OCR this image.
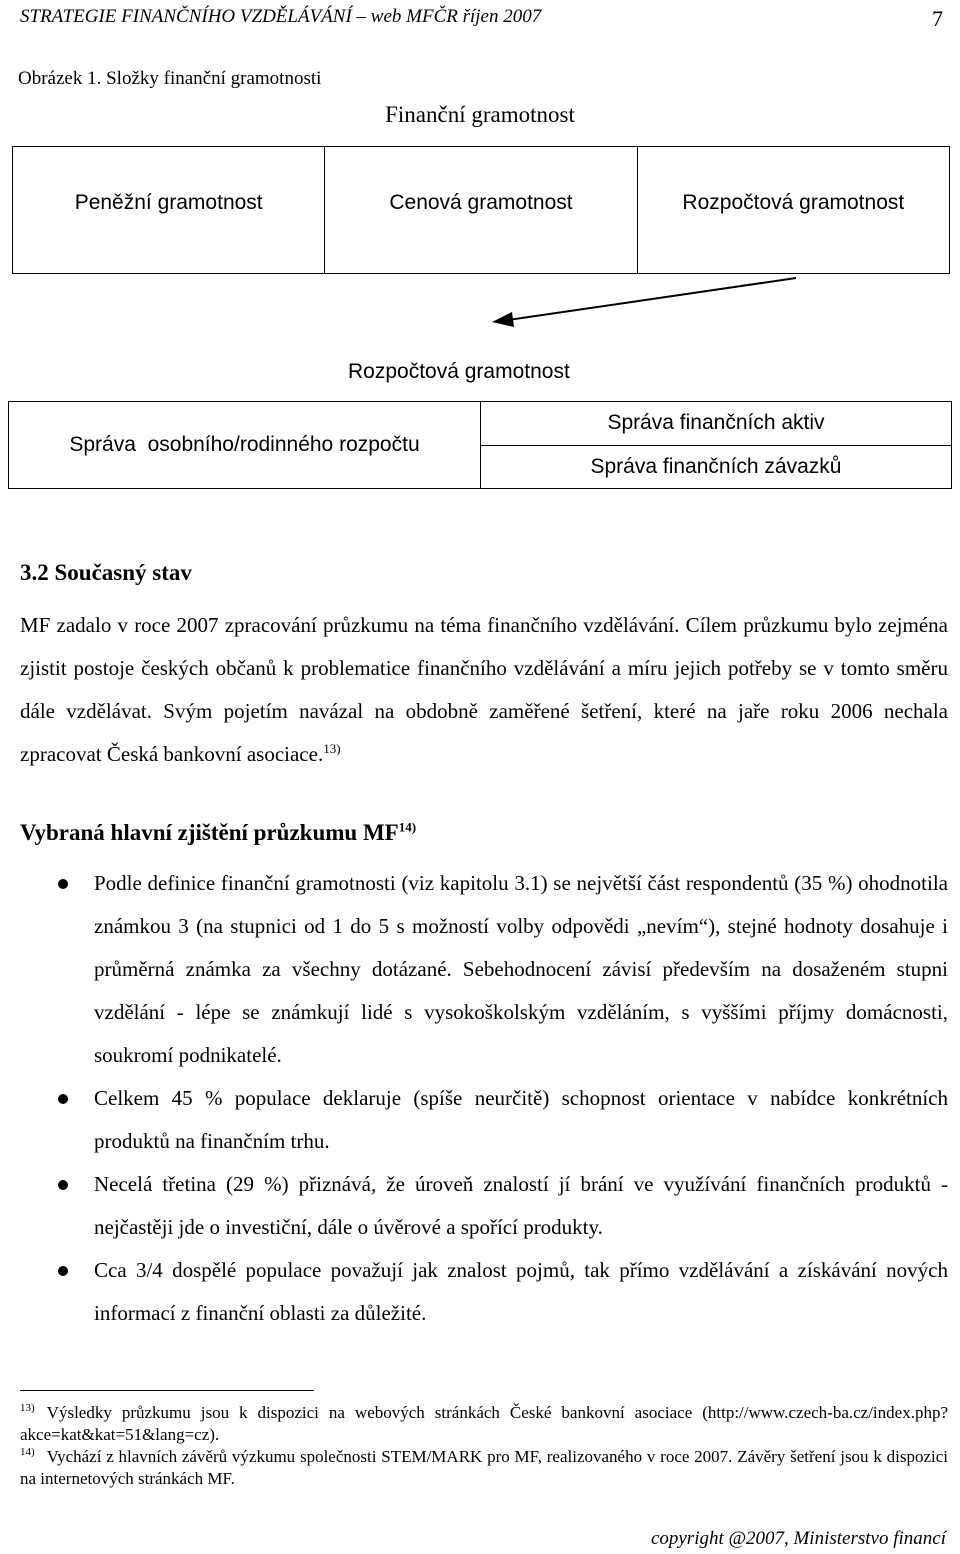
STRATEGIE FINANČNÍHO VZDĚLÁVÁNÍ – web MFČR říjen 2007	7
Obrázek 1. Složky finanční gramotnosti
Finanční gramotnost
Peněžní gramotnost	Cenová gramotnost	Rozpočtová gramotnost
Rozpočtová gramotnost
Správa  osobního/rodinného rozpočtu
Správa finančních aktiv
Správa finančních závazků
3.2 Současný stav
MF zadalo v roce 2007 zpracování průzkumu na téma finančního vzdělávání. Cílem průzkumu bylo zejména zjistit postoje českých občanů k problematice finančního vzdělávání a míru jejich potřeby se v tomto směru dále vzdělávat. Svým pojetím navázal na obdobně zaměřené šetření, které na jaře roku 2006 nechala zpracovat Česká bankovní asociace.$^{13)}$
Vybraná hlavní zjištění průzkumu MF$^{14)}$
Podle definice finanční gramotnosti (viz kapitolu 3.1) se největší část respondentů (35 %) ohodnotila známkou 3 (na stupnici od 1 do 5 s možností volby odpovědi „nevím“), stejné hodnoty dosahuje i průměrná známka za všechny dotázané. Sebehodnocení závisí především na dosaženém stupni vzdělání - lépe se známkují lidé s vysokoškolským vzděláním, s vyššími příjmy domácnosti, soukromí podnikatelé.
Celkem 45 % populace deklaruje (spíše neurčitě) schopnost orientace v nabídce konkrétních produktů na finančním trhu.
Necelá třetina (29 %) přiznává, že úroveň znalostí jí brání ve využívání finančních produktů - nejčastěji jde o investiční, dále o úvěrové a spořící produkty.
Cca 3/4 dospělé populace považují jak znalost pojmů, tak přímo vzdělávání a získávání nových informací z finanční oblasti za důležité.
$^{13)}$ Výsledky průzkumu jsou k dispozici na webových stránkách České bankovní asociace (http://www.czech-ba.cz/index.php?akce=kat&kat=51&lang=cz).
$^{14)}$ Vychází z hlavních závěrů výzkumu společnosti STEM/MARK pro MF, realizovaného v roce 2007. Závěry šetření jsou k dispozici na internetových stránkách MF.
copyright @2007, Ministerstvo financí
